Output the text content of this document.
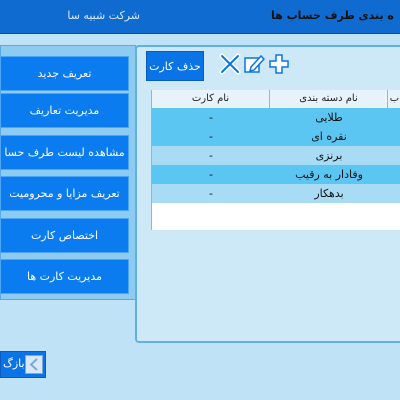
شرکت شبیه سا	ه بندی طرف حساب ها
تعریف جدید
مدیریت تعاریف
مشاهده لیست طرف حسا
تعریف مزایا و محرومیت
اختصاص کارت
مدیریت کارت ها
حذف کارت
نام کارت	نام دسته بندی	ب
-	طلایی
-	نقره ای
-	برنزی
-	وفادار به رقیب
-	بدهکار
بازگ
